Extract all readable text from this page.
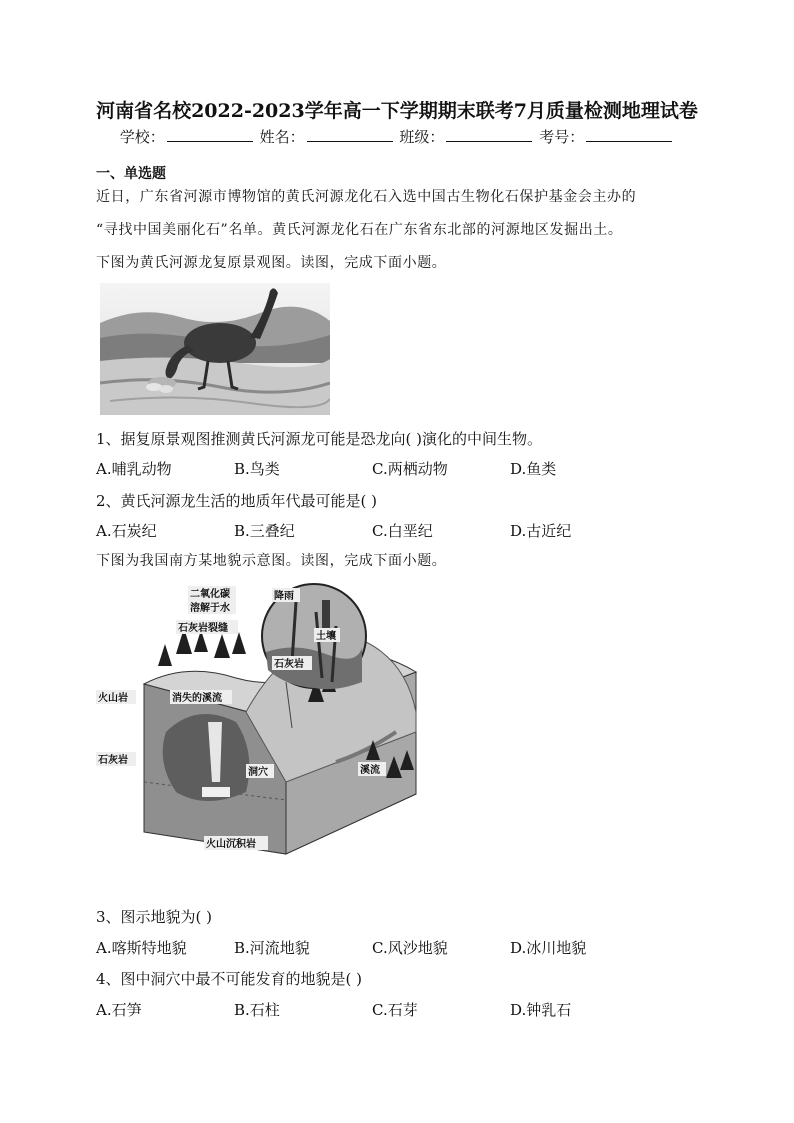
河南省名校2022-2023学年高一下学期期末联考7月质量检测地理试卷
学校：	姓名：	班级：	考号：
一、单选题
近日，广东省河源市博物馆的黄氏河源龙化石入选中国古生物化石保护基金会主办的
“寻找中国美丽化石”名单。黄氏河源龙化石在广东省东北部的河源地区发掘出土。
下图为黄氏河源龙复原景观图。读图，完成下面小题。
1、据复原景观图推测黄氏河源龙可能是恐龙向( )演化的中间生物。
A.哺乳动物	B.鸟类	C.两栖动物	D.鱼类
2、黄氏河源龙生活的地质年代最可能是( )
A.石炭纪	B.三叠纪	C.白垩纪	D.古近纪
下图为我国南方某地貌示意图。读图，完成下面小题。
二氧化碳
溶解于水
降雨
土壤
石灰岩裂缝
石灰岩
火山岩	消失的溪流
石灰岩
洞穴	溪流
火山沉积岩
3、图示地貌为( )
A.喀斯特地貌	B.河流地貌	C.风沙地貌	D.冰川地貌
4、图中洞穴中最不可能发育的地貌是( )
A.石笋	B.石柱	C.石芽	D.钟乳石
